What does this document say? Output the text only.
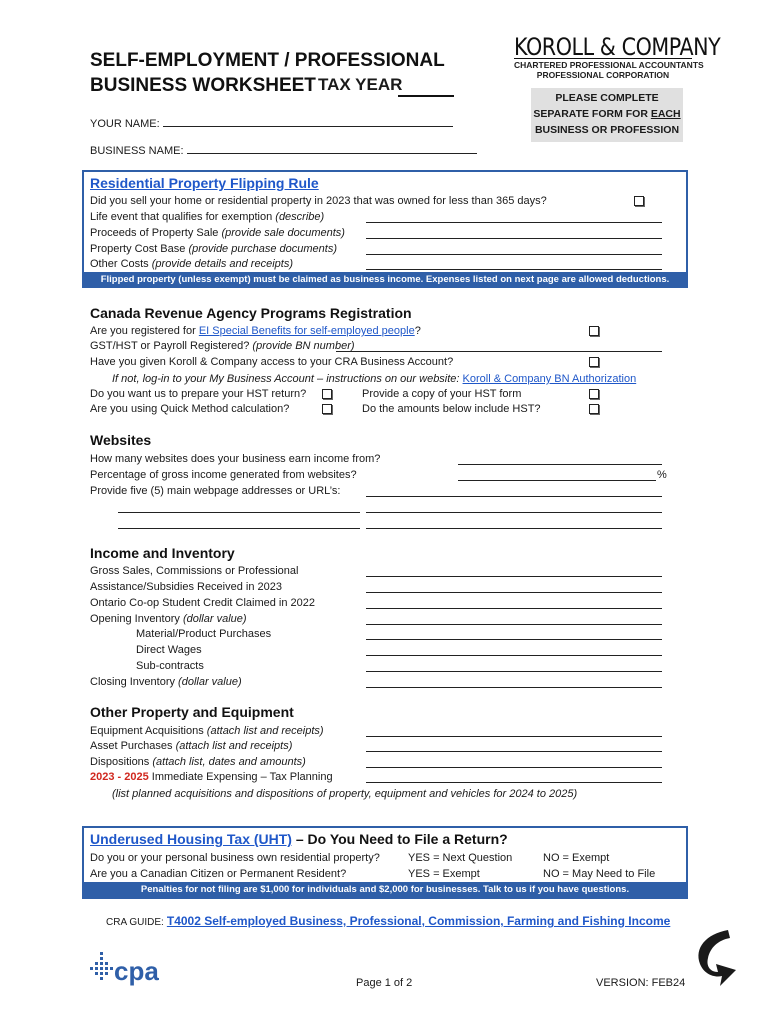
SELF-EMPLOYMENT / PROFESSIONAL
BUSINESS WORKSHEET TAX YEAR
KOROLL & COMPANY
CHARTERED PROFESSIONAL ACCOUNTANTS
PROFESSIONAL CORPORATION
PLEASE COMPLETE
SEPARATE FORM FOR EACH
BUSINESS OR PROFESSION
YOUR NAME:
BUSINESS NAME:
Residential Property Flipping Rule
Did you sell your home or residential property in 2023 that was owned for less than 365 days?
Life event that qualifies for exemption (describe)
Proceeds of Property Sale (provide sale documents)
Property Cost Base (provide purchase documents)
Other Costs (provide details and receipts)
Flipped property (unless exempt) must be claimed as business income. Expenses listed on next page are allowed deductions.
Canada Revenue Agency Programs Registration
Are you registered for EI Special Benefits for self-employed people?
GST/HST or Payroll Registered? (provide BN number)
Have you given Koroll & Company access to your CRA Business Account?
If not, log-in to your My Business Account – instructions on our website: Koroll & Company BN Authorization
Do you want us to prepare your HST return?	Provide a copy of your HST form
Are you using Quick Method calculation?	Do the amounts below include HST?
Websites
How many websites does your business earn income from?
Percentage of gross income generated from websites?	%
Provide five (5) main webpage addresses or URL’s:
Income and Inventory
Gross Sales, Commissions or Professional
Assistance/Subsidies Received in 2023
Ontario Co-op Student Credit Claimed in 2022
Opening Inventory (dollar value)
Material/Product Purchases
Direct Wages
Sub-contracts
Closing Inventory (dollar value)
Other Property and Equipment
Equipment Acquisitions (attach list and receipts)
Asset Purchases (attach list and receipts)
Dispositions (attach list, dates and amounts)
2023 - 2025 Immediate Expensing – Tax Planning
(list planned acquisitions and dispositions of property, equipment and vehicles for 2024 to 2025)
Underused Housing Tax (UHT) – Do You Need to File a Return?
Do you or your personal business own residential property?	YES = Next Question	NO = Exempt
Are you a Canadian Citizen or Permanent Resident?	YES = Exempt	NO = May Need to File
Penalties for not filing are $1,000 for individuals and $2,000 for businesses. Talk to us if you have questions.
CRA GUIDE: T4002 Self-employed Business, Professional, Commission, Farming and Fishing Income
cpa	Page 1 of 2	VERSION: FEB24
